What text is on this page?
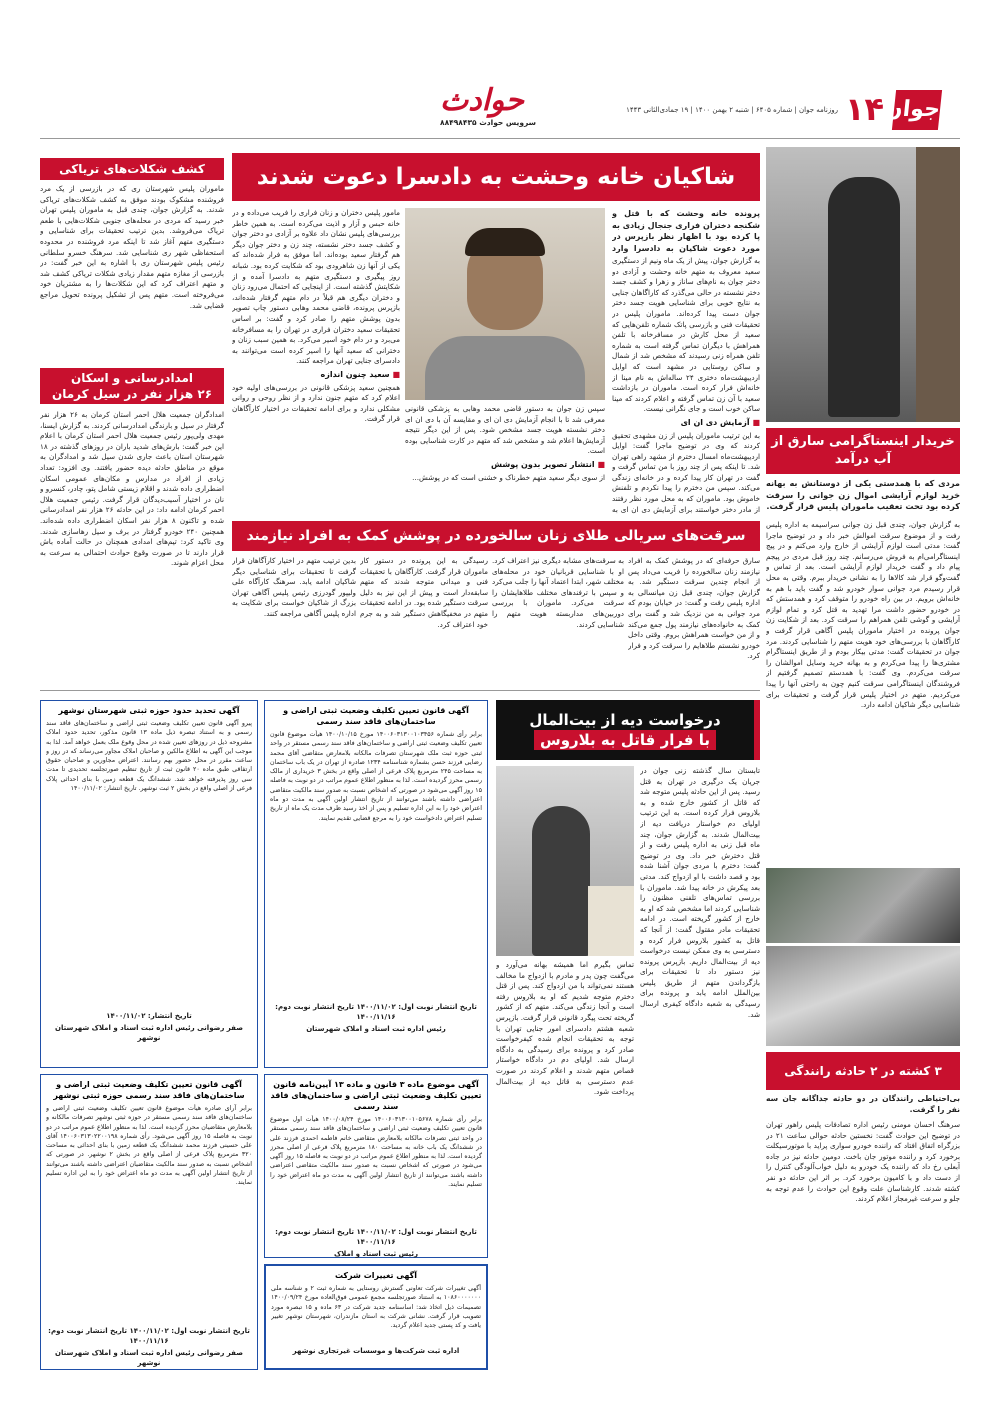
جوان
۱۴
روزنامه جوان | شماره ۶۴۰۵ | شنبه ۲ بهمن ۱۴۰۰ | ۱۹ جمادی‌الثانی ۱۴۴۳
حوادث
سرویس حوادث ۸۸۴۹۸۴۳۵
خریدار اینستاگرامی سارق از آب درآمد
مردی که با همدستی یکی از دوستانش به بهانه خرید لوازم آرایشی اموال زن جوانی را سرقت کرده بود تحت تعقیب ماموران پلیس قرار گرفت.
به گزارش جوان، چندی قبل زن جوانی سراسیمه به اداره پلیس رفت و از موضوع سرقت اموالش خبر داد و در توضیح ماجرا گفت: مدتی است لوازم آرایشی از خارج وارد می‌کنم و در پیج اینستاگرامی‌ام به فروش می‌رسانم. چند روز قبل مردی در پیجم پیام داد و گفت خریدار لوازم آرایشی است. بعد از تماس و گفت‌وگو قرار شد کالاها را به نشانی خریدار ببرم. وقتی به محل قرار رسیدم مرد جوانی سوار خودرو شد و گفت باید با هم به خانه‌اش برویم. در بین راه خودرو را متوقف کرد و همدستش که در خودرو حضور داشت مرا تهدید به قتل کرد و تمام لوازم آرایشی و گوشی تلفن همراهم را سرقت کرد. بعد از شکایت زن جوان پرونده در اختیار ماموران پلیس آگاهی قرار گرفت و کارآگاهان با بررسی‌های خود هویت متهم را شناسایی کردند. مرد جوان در تحقیقات گفت: مدتی بیکار بودم و از طریق اینستاگرام مشتری‌ها را پیدا می‌کردم و به بهانه خرید وسایل اموالشان را سرقت می‌کردم. وی گفت: با همدستم تصمیم گرفتیم از فروشندگان اینستاگرامی سرقت کنیم چون به راحتی آنها را پیدا می‌کردیم. متهم در اختیار پلیس قرار گرفت و تحقیقات برای شناسایی دیگر شاکیان ادامه دارد.
۳ کشته در ۲ حادثه رانندگی
بی‌احتیاطی رانندگان در دو حادثه جداگانه جان سه نفر را گرفت.
سرهنگ احسان مومنی رئیس اداره تصادفات پلیس راهور تهران در توضیح این حوادث گفت: نخستین حادثه حوالی ساعت ۲۱ در بزرگراه اتفاق افتاد که راننده خودرو سواری پراید با موتورسیکلت برخورد کرد و راننده موتور جان باخت. دومین حادثه نیز در جاده آبعلی رخ داد که راننده یک خودرو به دلیل خواب‌آلودگی کنترل را از دست داد و با کامیون برخورد کرد. بر اثر این حادثه دو نفر کشته شدند. کارشناسان علت وقوع این حوادث را عدم توجه به جلو و سرعت غیرمجاز اعلام کردند.
شاکیان خانه وحشت به دادسرا دعوت شدند
پرونده خانه وحشت که با قتل و شکنجه دختران فراری جنجال زیادی به پا کرده بود با اظهار نظر بازپرس در مورد دعوت شاکیان به دادسرا وارد

به گزارش جوان، پیش از یک ماه ونیم از دستگیری سعید معروف به متهم خانه وحشت و آزادی دو دختر جوان به نام‌های ساناز و زهرا و کشف جسد دختر نشسته در حالی می‌گذرد که کاراگاهان جنایی به نتایج خوبی برای شناسایی هویت جسد دختر جوان دست پیدا کرده‌اند. ماموران پلیس در تحقیقات فنی و بازرسی پاتک شماره تلفن‌هایی که سعید از محل کارش در مسافرخانه با تلفن همراهش با دیگران تماس گرفته است به شماره تلفن همراه زنی رسیدند که مشخص شد از شمال و ساکن روستایی در مشهد است که اوایل اردیبهشت‌ماه دختری ۲۴ ساله‌اش به نام مینا از خانه‌اش فرار کرده است. ماموران در بازداشت سعید با آن زن تماس گرفته و اعلام کردند که مینا ساکن خوب است و جای نگرانی نیست.

■ آزمایش دی ان ای

به این ترتیب ماموران پلیس از زن مشهدی تحقیق کردند که وی در توضیح ماجرا گفت: اوایل اردیبهشت‌ماه امسال دخترم از مشهد راهی تهران شد. تا اینکه پس از چند روز با من تماس گرفت و گفت در تهران کار پیدا کرده و در خانه‌ای زندگی می‌کند. سپس من دخترم را پیدا نکردم و تلفنش خاموش بود. ماموران که به محل مورد نظر رفتند از مادر دختر خواستند برای آزمایش دی ان ای به

مامور پلیس دختران و زنان فراری را فریب می‌داده و در خانه حبس و آزار و اذیت می‌کرده است. به همین خاطر بررسی‌های پلیس نشان داد علاوه بر آزادی دو دختر جوان و کشف جسد دختر نشسته، چند زن و دختر جوان دیگر هم گرفتار سعید بوده‌اند. اما موفق به فرار شده‌اند که یکی از آنها زن شاهرودی بود که شکایت کرده بود. شبانه روز پیگیری و دستگیری متهم به دادسرا آمده و از شکایتش گذشته است. از اینجایی که احتمال می‌رود زنان و دختران دیگری هم قبلاً در دام متهم گرفتار شده‌اند، بازپرس پرونده، قاضی محمد وهابی دستور چاپ تصویر بدون پوشش متهم را صادر کرد و گفت: بر اساس تحقیقات سعید دختران فراری در تهران را به مسافرخانه می‌برد و در دام خود اسیر می‌کرد. به همین سبب زنان و دخترانی که سعید آنها را اسیر کرده است می‌توانند به دادسرای جنایی تهران مراجعه کنند.

■ سعید چنون اندازه

همچنین سعید پزشکی قانونی در بررسی‌های اولیه خود اعلام کرد که متهم جنون ندارد و از نظر روحی و روانی مشکلی ندارد و برای ادامه تحقیقات در اختیار کارآگاهان قرار گرفت.

سپس زن جوان به دستور قاضی محمد وهابی به پزشکی قانونی معرفی شد تا با انجام آزمایش دی ان ای و مقایسه آن با دی ان ای دختر نشسته هویت جسد مشخص شود. پس از این دیگر نتیجه آزمایش‌ها اعلام شد و مشخص شد که متهم در کارت شناسایی بوده است.

■ انتشار تصویر بدون پوشش

از سوی دیگر سعید متهم خطرناک و خشنی است که در پوشش...

سرقت‌های سریالی طلای زنان سالخورده در پوشش کمک به افراد نیازمند
سارق حرفه‌ای که در پوشش کمک به افراد نیازمند زنان سالخورده را فریب می‌داد پس از انجام چندین سرقت دستگیر شد. به گزارش جوان، چندی قبل زن میانسالی به اداره پلیس رفت و گفت: در خیابان بودم که مرد جوانی به من نزدیک شد و گفت برای کمک به خانواده‌های نیازمند پول جمع می‌کند و از من خواست همراهش بروم. وقتی داخل خودرو نشستم طلاهایم را سرقت کرد و فرار کرد.
به سرقت‌های مشابه دیگری نیز اعتراف کرد. او با شناسایی قربانیان خود در محله‌های مختلف شهر، ابتدا اعتماد آنها را جلب می‌کرد و سپس با ترفندهای مختلف طلاهایشان را سرقت می‌کرد. ماموران با بررسی دوربین‌های مداربسته هویت متهم را شناسایی کردند.
رسیدگی به این پرونده در دستور کار ماموران قرار گرفت. کارآگاهان با تحقیقات فنی و میدانی متوجه شدند که متهم سابقه‌دار است و پیش از این نیز به دلیل سرقت دستگیر شده بود. در ادامه تحقیقات متهم در مخفیگاهش دستگیر شد و به جرم خود اعتراف کرد.
بدین ترتیب متهم در اختیار کارآگاهان قرار گرفت تا تحقیقات برای شناسایی دیگر شاکیان ادامه یابد. سرهنگ کارآگاه علی ولیپور گودرزی رئیس پلیس آگاهی تهران بزرگ از شاکیان خواست برای شکایت به اداره پلیس آگاهی مراجعه کنند.
کشف شکلات‌های تریاکی
ماموران پلیس شهرستان ری که در بازرسی از یک مرد فروشنده مشکوک بودند موفق به کشف شکلات‌های تریاکی شدند. به گزارش جوان، چندی قبل به ماموران پلیس تهران خبر رسید که مردی در محله‌های جنوبی شکلات‌هایی با طعم تریاک می‌فروشد. بدین ترتیب تحقیقات برای شناسایی و دستگیری متهم آغاز شد تا اینکه مرد فروشنده در محدوده استحفاظی شهر ری شناسایی شد. سرهنگ خسرو سلطانی رئیس پلیس شهرستان ری با اشاره به این خبر گفت: در بازرسی از مغازه متهم مقدار زیادی شکلات تریاکی کشف شد و متهم اعتراف کرد که این شکلات‌ها را به مشتریان خود می‌فروخته است. متهم پس از تشکیل پرونده تحویل مراجع قضایی شد.
امدادرسانی و اسکان
۲۶ هزار نفر در سیل کرمان
امدادگران جمعیت هلال احمر استان کرمان به ۲۶ هزار نفر گرفتار در سیل و بارندگی امدادرسانی کردند. به گزارش ایسنا، مهدی ولی‌پور رئیس جمعیت هلال احمر استان کرمان با اعلام این خبر گفت: بارش‌های شدید باران در روزهای گذشته در ۱۸ شهرستان استان باعث جاری شدن سیل شد و امدادگران به موقع در مناطق حادثه دیده حضور یافتند. وی افزود: تعداد زیادی از افراد در مدارس و مکان‌های عمومی اسکان اضطراری داده شدند و اقلام زیستی شامل پتو، چادر، کنسرو و نان در اختیار آسیب‌دیدگان قرار گرفت. رئیس جمعیت هلال احمر کرمان ادامه داد: در این حادثه ۲۶ هزار نفر امدادرسانی شده و تاکنون ۸ هزار نفر اسکان اضطراری داده شده‌اند. همچنین ۲۴۰ خودرو گرفتار در برف و سیل رهاسازی شدند. وی تاکید کرد: تیم‌های امدادی همچنان در حالت آماده باش قرار دارند تا در صورت وقوع حوادث احتمالی به سرعت به محل اعزام شوند.
درخواست دیه از بیت‌المال
با فرار قاتل به بلاروس
تابستان سال گذشته زنی جوان در جریان یک درگیری در تهران به قتل رسید. پس از این حادثه پلیس متوجه شد که قاتل از کشور خارج شده و به بلاروس فرار کرده است. به این ترتیب اولیای دم خواستار دریافت دیه از بیت‌المال شدند. به گزارش جوان، چند ماه قبل زنی به اداره پلیس رفت و از قتل دخترش خبر داد. وی در توضیح گفت: دخترم با مردی جوان آشنا شده بود و قصد داشت با او ازدواج کند. مدتی بعد پیکرش در خانه پیدا شد. ماموران با بررسی تماس‌های تلفنی مظنون را شناسایی کردند اما مشخص شد که او به خارج از کشور گریخته است. در ادامه تحقیقات مادر مقتول گفت: از آنجا که قاتل به کشور بلاروس فرار کرده و دسترسی به وی ممکن نیست درخواست دیه از بیت‌المال داریم. بازپرس پرونده نیز دستور داد تا تحقیقات برای بازگرداندن متهم از طریق پلیس بین‌الملل ادامه یابد و پرونده برای رسیدگی به شعبه دادگاه کیفری ارسال شد.
تماس بگیرم اما همیشه بهانه می‌آورد و می‌گفت چون پدر و مادرم با ازدواج ما مخالف هستند نمی‌تواند با من ازدواج کند. پس از قتل دخترم متوجه شدیم که او به بلاروس رفته است و آنجا زندگی می‌کند. متهم که از کشور گریخته تحت پیگرد قانونی قرار گرفت. بازپرس شعبه هشتم دادسرای امور جنایی تهران با توجه به تحقیقات انجام شده کیفرخواست صادر کرد و پرونده برای رسیدگی به دادگاه ارسال شد. اولیای دم در دادگاه خواستار قصاص متهم شدند و اعلام کردند در صورت عدم دسترسی به قاتل دیه از بیت‌المال پرداخت شود.
آگهی قانون تعیین تکلیف وضعیت ثبتی اراضی و ساختمان‌های فاقد سند رسمی
برابر رأی شماره ۱۴۰۰۶۰۳۱۳۰۰۱۰۳۴۵۶ مورخ ۱۴۰۰/۱۰/۱۵ هیأت موضوع قانون تعیین تکلیف وضعیت ثبتی اراضی و ساختمان‌های فاقد سند رسمی مستقر در واحد ثبتی حوزه ثبت ملک شهرستان تصرفات مالکانه بلامعارض متقاضی آقای محمد رضایی فرزند حسن بشماره شناسنامه ۱۲۳۴ صادره از تهران در یک باب ساختمان به مساحت ۲۴۵ مترمربع پلاک فرعی از اصلی واقع در بخش ۳ خریداری از مالک رسمی محرز گردیده است. لذا به منظور اطلاع عموم مراتب در دو نوبت به فاصله ۱۵ روز آگهی می‌شود در صورتی که اشخاص نسبت به صدور سند مالکیت متقاضی اعتراضی داشته باشند می‌توانند از تاریخ انتشار اولین آگهی به مدت دو ماه اعتراض خود را به این اداره تسلیم و پس از اخذ رسید ظرف مدت یک ماه از تاریخ تسلیم اعتراض دادخواست خود را به مرجع قضایی تقدیم نمایند.
تاریخ انتشار نوبت اول: ۱۴۰۰/۱۱/۰۲ تاریخ انتشار نوبت دوم: ۱۴۰۰/۱۱/۱۶
رئیس اداره ثبت اسناد و املاک شهرستان
آگهی تحدید حدود حوزه ثبتی شهرستان نوشهر
پیرو آگهی قانون تعیین تکلیف وضعیت ثبتی اراضی و ساختمان‌های فاقد سند رسمی و به استناد تبصره ذیل ماده ۱۳ قانون مذکور، تحدید حدود املاک مشروحه ذیل در روزهای تعیین شده در محل وقوع ملک بعمل خواهد آمد. لذا به موجب این آگهی به اطلاع مالکین و صاحبان املاک مجاور می‌رساند که در روز و ساعت مقرر در محل حضور بهم رسانند. اعتراض مجاورین و صاحبان حقوق ارتفاقی طبق ماده ۲۰ قانون ثبت از تاریخ تنظیم صورتجلسه تحدیدی تا مدت سی روز پذیرفته خواهد شد. ششدانگ یک قطعه زمین با بنای احداثی پلاک فرعی از اصلی واقع در بخش ۲ ثبت نوشهر. تاریخ انتشار: ۱۴۰۰/۱۱/۰۲
تاریخ انتشار: ۱۴۰۰/۱۱/۰۲
صفر رضوانی رئیس اداره ثبت اسناد و املاک شهرستان نوشهر
آگهی موضوع ماده ۳ قانون و ماده ۱۳ آیین‌نامه قانون تعیین تکلیف وضعیت ثبتی اراضی و ساختمان‌های فاقد سند رسمی
برابر رأی شماره ۱۴۰۰۶۰۳۱۳۰۰۱۰۵۶۷۸ مورخ ۱۴۰۰/۰۸/۲۴ هیأت اول موضوع قانون تعیین تکلیف وضعیت ثبتی اراضی و ساختمان‌های فاقد سند رسمی مستقر در واحد ثبتی تصرفات مالکانه بلامعارض متقاضی خانم فاطمه احمدی فرزند علی در ششدانگ یک باب خانه به مساحت ۱۸۰ مترمربع پلاک فرعی از اصلی محرز گردیده است. لذا به منظور اطلاع عموم مراتب در دو نوبت به فاصله ۱۵ روز آگهی می‌شود در صورتی که اشخاص نسبت به صدور سند مالکیت متقاضی اعتراضی داشته باشند می‌توانند از تاریخ انتشار اولین آگهی به مدت دو ماه اعتراض خود را تسلیم نمایند.
تاریخ انتشار نوبت اول: ۱۴۰۰/۱۱/۰۲ تاریخ انتشار نوبت دوم: ۱۴۰۰/۱۱/۱۶
رئیس ثبت اسناد و املاک
آگهی قانون تعیین تکلیف وضعیت ثبتی اراضی و ساختمان‌های فاقد سند رسمی حوزه ثبتی نوشهر
برابر آرای صادره هیأت موضوع قانون تعیین تکلیف وضعیت ثبتی اراضی و ساختمان‌های فاقد سند رسمی مستقر در حوزه ثبتی نوشهر تصرفات مالکانه و بلامعارض متقاضیان محرز گردیده است. لذا به منظور اطلاع عموم مراتب در دو نوبت به فاصله ۱۵ روز آگهی می‌شود. رأی شماره ۱۴۰۰۶۰۳۱۳۰۲۲۰۰۱۹۸ آقای علی حسینی فرزند محمد ششدانگ یک قطعه زمین با بنای احداثی به مساحت ۳۲۰ مترمربع پلاک فرعی از اصلی واقع در بخش ۲ نوشهر. در صورتی که اشخاص نسبت به صدور سند مالکیت متقاضیان اعتراضی داشته باشند می‌توانند از تاریخ انتشار اولین آگهی به مدت دو ماه اعتراض خود را به این اداره تسلیم نمایند.
تاریخ انتشار نوبت اول: ۱۴۰۰/۱۱/۰۲ تاریخ انتشار نوبت دوم: ۱۴۰۰/۱۱/۱۶
صفر رضوانی رئیس اداره ثبت اسناد و املاک شهرستان نوشهر
آگهی تغییرات شرکت
آگهی تغییرات شرکت تعاونی گسترش روستایی به شماره ثبت ۲ و شناسه ملی ۱۰۸۶۰۰۰۰۰۰۰ به استناد صورتجلسه مجمع عمومی فوق‌العاده مورخ ۱۴۰۰/۰۹/۲۴ تصمیمات ذیل اتخاذ شد: اساسنامه جدید شرکت در ۶۳ ماده و ۱۵ تبصره مورد تصویب قرار گرفت. نشانی شرکت به استان مازندران، شهرستان نوشهر تغییر یافت و کد پستی جدید اعلام گردید.
اداره ثبت شرکت‌ها و موسسات غیرتجاری نوشهر
